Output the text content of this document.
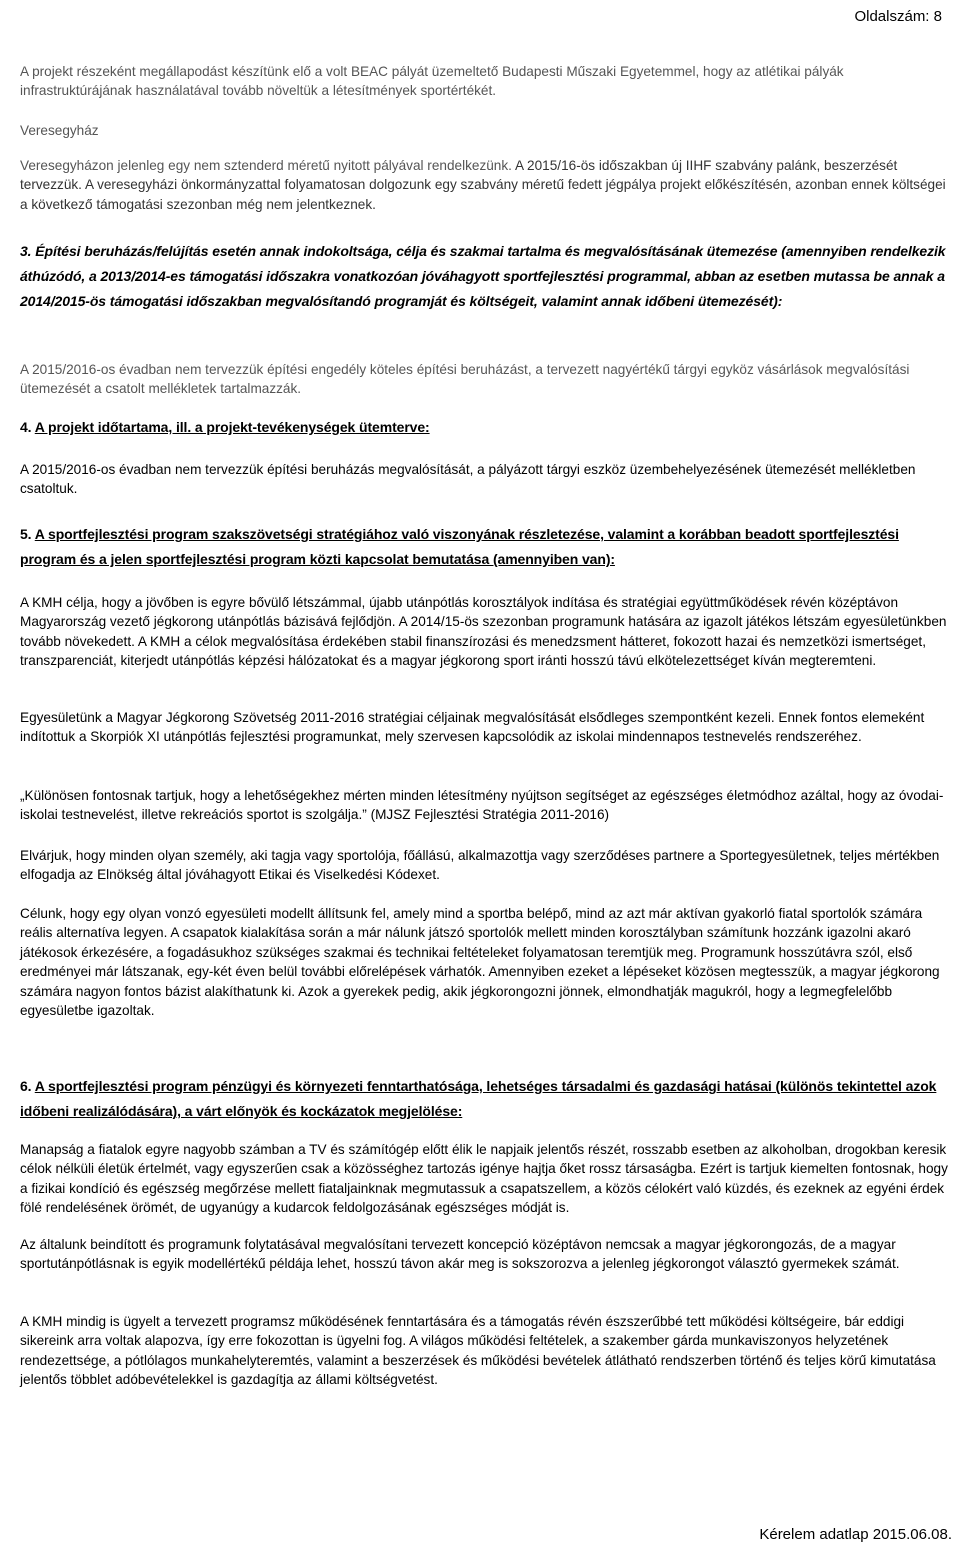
Oldalszám: 8

A projekt részeként megállapodást készítünk elő a volt BEAC pályát üzemeltető Budapesti Műszaki Egyetemmel, hogy az atlétikai pályák infrastruktúrájának használatával tovább növeltük a létesítmények sportértékét.

Veresegyház

Veresegyházon jelenleg egy nem sztenderd méretű nyitott pályával rendelkezünk. A 2015/16-ös időszakban új IIHF szabvány palánk, beszerzését tervezzük. A veresegyházi önkormányzattal folyamatosan dolgozunk egy szabvány méretű fedett jégpálya projekt előkészítésén, azonban ennek költségei a következő támogatási szezonban még nem jelentkeznek.

3. Építési beruházás/felújítás esetén annak indokoltsága, célja és szakmai tartalma és megvalósításának ütemezése (amennyiben rendelkezik áthúzódó, a 2013/2014-es támogatási időszakra vonatkozóan jóváhagyott sportfejlesztési programmal, abban az esetben mutassa be annak a 2014/2015-ös támogatási időszakban megvalósítandó programját és költségeit, valamint annak időbeni ütemezését):

A 2015/2016-os évadban nem tervezzük építési engedély köteles építési beruházást, a tervezett nagyértékű tárgyi egyköz vásárlások megvalósítási ütemezését a csatolt mellékletek tartalmazzák.

4. A projekt időtartama, ill. a projekt-tevékenységek ütemterve:

A 2015/2016-os évadban nem tervezzük építési beruházás megvalósítását, a pályázott tárgyi eszköz üzembehelyezésének ütemezését mellékletben csatoltuk.

5. A sportfejlesztési program szakszövetségi stratégiához való viszonyának részletezése, valamint a korábban beadott sportfejlesztési program és a jelen sportfejlesztési program közti kapcsolat bemutatása (amennyiben van):

A KMH célja, hogy a jövőben is egyre bővülő létszámmal, újabb utánpótlás korosztályok indítása és stratégiai együttműködések révén középtávon Magyarország vezető jégkorong utánpótlás bázisává fejlődjön. A 2014/15-ös szezonban programunk hatására az igazolt játékos létszám egyesületünkben tovább növekedett. A KMH a célok megvalósítása érdekében stabil finanszírozási és menedzsment hátteret, fokozott hazai és nemzetközi ismertséget, transzparenciát, kiterjedt utánpótlás képzési hálózatokat és a magyar jégkorong sport iránti hosszú távú elkötelezettséget kíván megteremteni.

Egyesületünk a Magyar Jégkorong Szövetség 2011-2016 stratégiai céljainak megvalósítását elsődleges szempontként kezeli. Ennek fontos elemeként indítottuk a Skorpiók XI utánpótlás fejlesztési programunkat, mely szervesen kapcsolódik az iskolai mindennapos testnevelés rendszeréhez.

„Különösen fontosnak tartjuk, hogy a lehetőségekhez mérten minden létesítmény nyújtson segítséget az egészséges életmódhoz azáltal, hogy az óvodai- iskolai testnevelést, illetve rekreációs sportot is szolgálja.” (MJSZ Fejlesztési Stratégia 2011-2016)

Elvárjuk, hogy minden olyan személy, aki tagja vagy sportolója, főállású, alkalmazottja vagy szerződéses partnere a Sportegyesületnek, teljes mértékben elfogadja az Elnökség által jóváhagyott Etikai és Viselkedési Kódexet.

Célunk, hogy egy olyan vonzó egyesületi modellt állítsunk fel, amely mind a sportba belépő, mind az azt már aktívan gyakorló fiatal sportolók számára reális alternatíva legyen. A csapatok kialakítása során a már nálunk játszó sportolók mellett minden korosztályban számítunk hozzánk igazolni akaró játékosok érkezésére, a fogadásukhoz szükséges szakmai és technikai feltételeket folyamatosan teremtjük meg. Programunk hosszútávra szól, első eredményei már látszanak, egy-két éven belül további előrelépések várhatók. Amennyiben ezeket a lépéseket közösen megtesszük, a magyar jégkorong számára nagyon fontos bázist alakíthatunk ki. Azok a gyerekek pedig, akik jégkorongozni jönnek, elmondhatják magukról, hogy a legmegfelelőbb egyesületbe igazoltak.

6. A sportfejlesztési program pénzügyi és környezeti fenntarthatósága, lehetséges társadalmi és gazdasági hatásai (különös tekintettel azok időbeni realizálódására), a várt előnyök és kockázatok megjelölése:

Manapság a fiatalok egyre nagyobb számban a TV és számítógép előtt élik le napjaik jelentős részét, rosszabb esetben az alkoholban, drogokban keresik célok nélküli életük értelmét, vagy egyszerűen csak a közösséghez tartozás igénye hajtja őket rossz társaságba. Ezért is tartjuk kiemelten fontosnak, hogy a fizikai kondíció és egészség megőrzése mellett fiataljainknak megmutassuk a csapatszellem, a közös célokért való küzdés, és ezeknek az egyéni érdek fölé rendelésének örömét, de ugyanúgy a kudarcok feldolgozásának egészséges módját is.

Az általunk beindított és programunk folytatásával megvalósítani tervezett koncepció középtávon nemcsak a magyar jégkorongozás, de a magyar sportutánpótlásnak is egyik modellértékű példája lehet, hosszú távon akár meg is sokszorozva a jelenleg jégkorongot választó gyermekek számát.

A KMH mindig is ügyelt a tervezett programsz működésének fenntartására és a támogatás révén észszerűbbé tett működési költségeire, bár eddigi sikereink arra voltak alapozva, így erre fokozottan is ügyelni fog. A világos működési feltételek, a szakember gárda munkaviszonyos helyzetének rendezettsége, a pótlólagos munkahelyteremtés, valamint a beszerzések és működési bevételek átlátható rendszerben történő és teljes körű kimutatása jelentős többlet adóbevételekkel is gazdagítja az állami költségvetést.

Kérelem adatlap 2015.06.08.
